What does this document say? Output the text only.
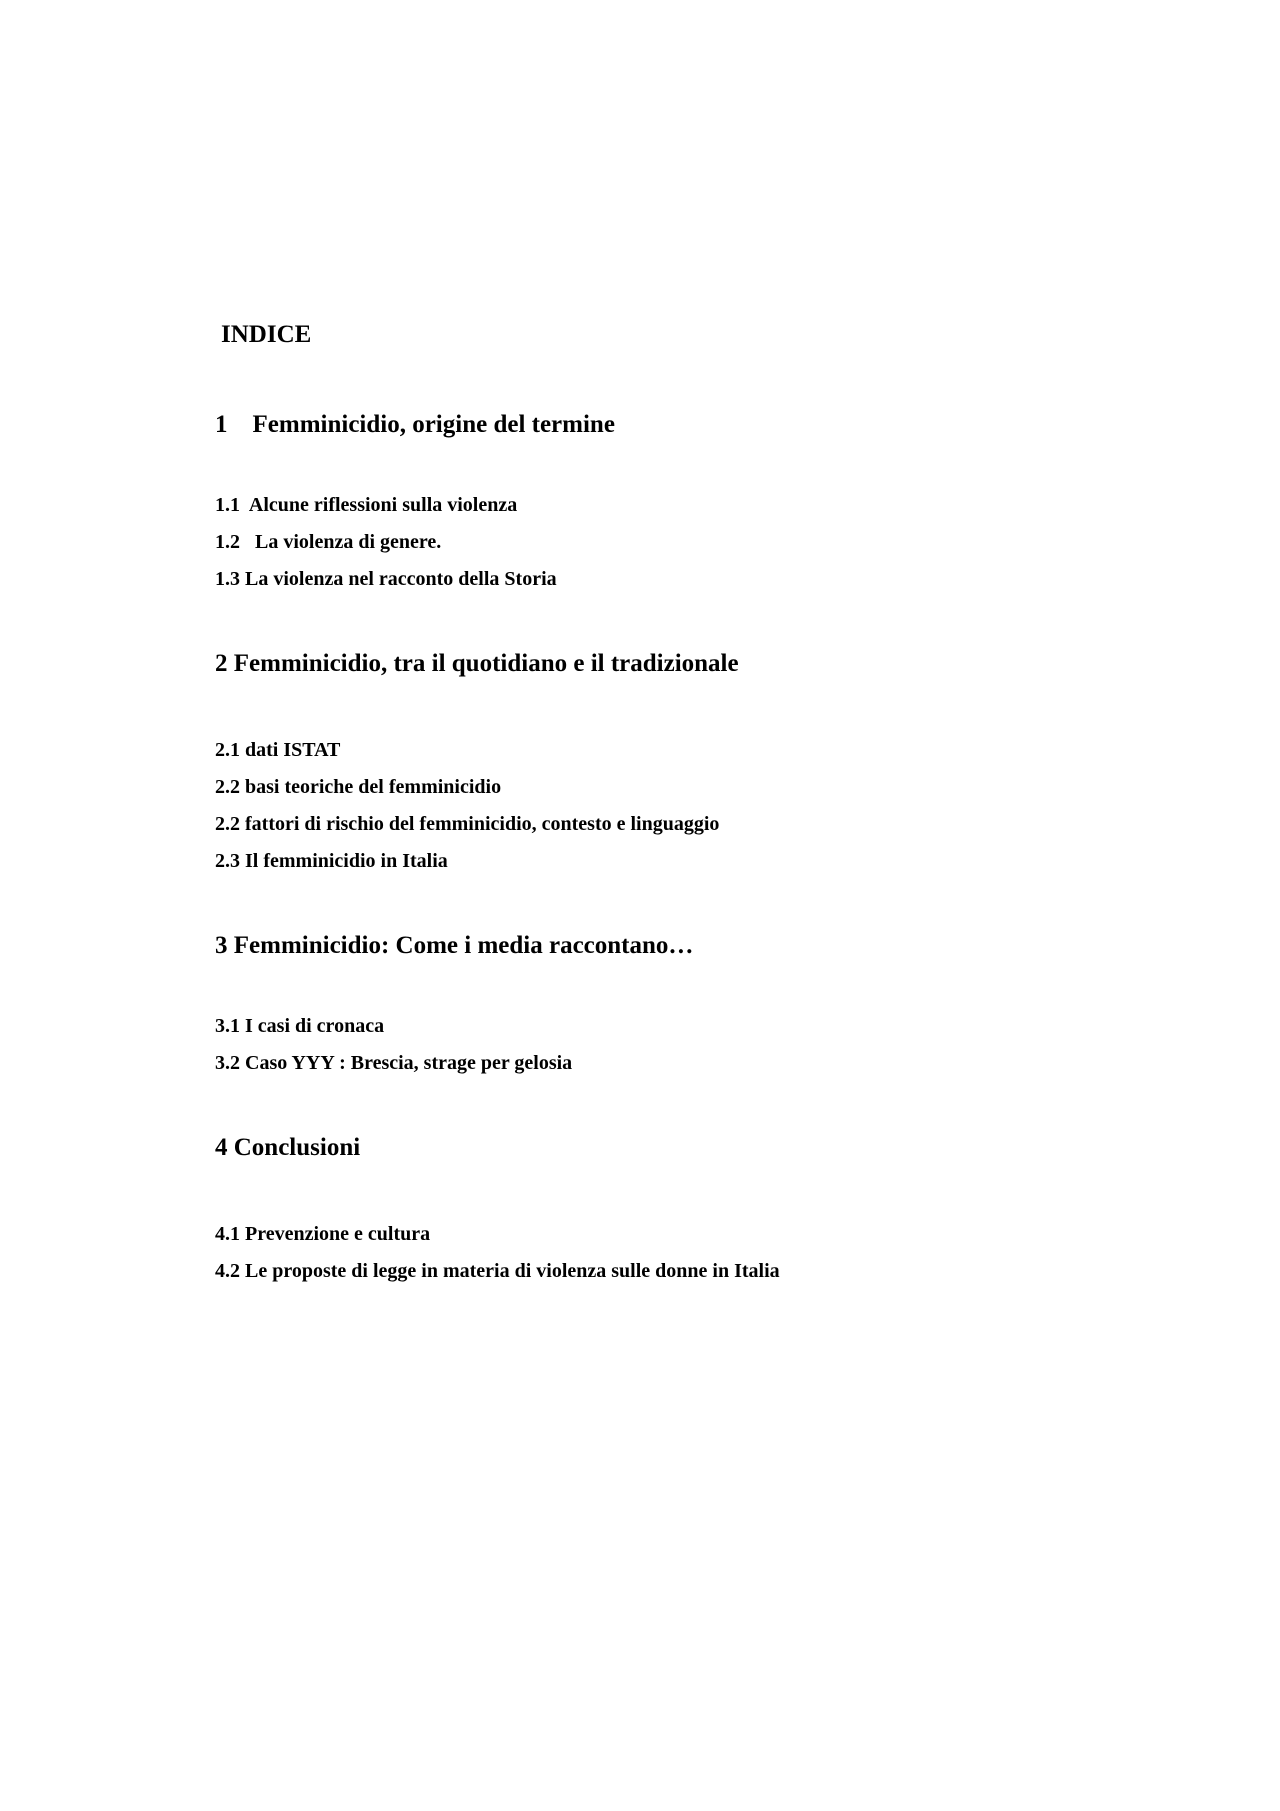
INDICE
1    Femminicidio, origine del termine
1.1  Alcune riflessioni sulla violenza
1.2   La violenza di genere.
1.3 La violenza nel racconto della Storia
2 Femminicidio, tra il quotidiano e il tradizionale
2.1 dati ISTAT
2.2 basi teoriche del femminicidio
2.2 fattori di rischio del femminicidio, contesto e linguaggio
2.3 Il femminicidio in Italia
3 Femminicidio: Come i media raccontano…
3.1 I casi di cronaca
3.2 Caso YYY : Brescia, strage per gelosia
4 Conclusioni
4.1 Prevenzione e cultura
4.2 Le proposte di legge in materia di violenza sulle donne in Italia
